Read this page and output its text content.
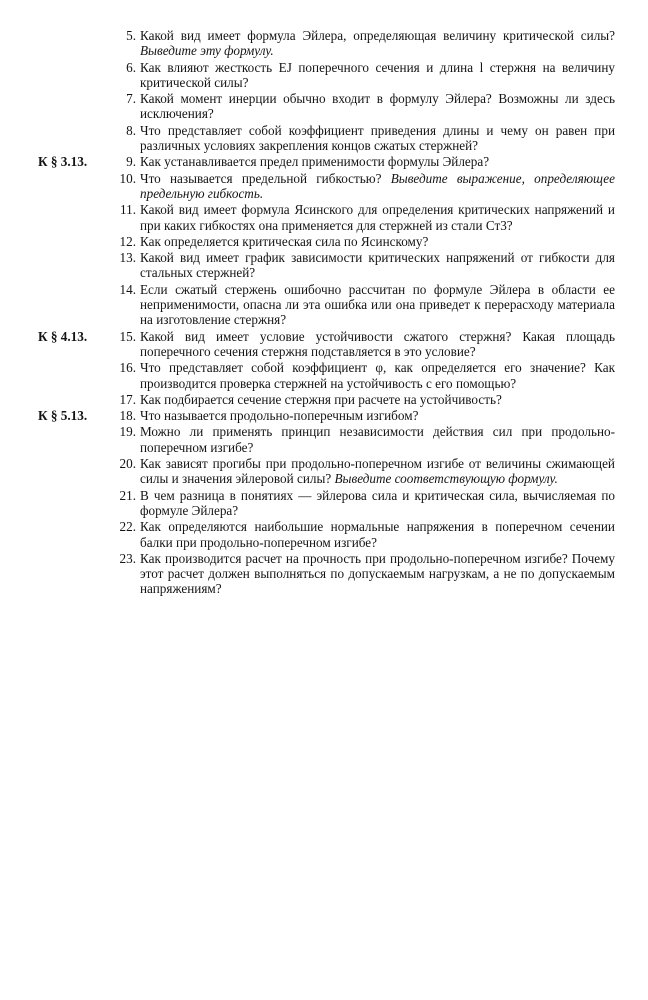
5. Какой вид имеет формула Эйлера, определяющая величину критической силы? Выведите эту формулу.
6. Как влияют жесткость EJ поперечного сечения и длина l стержня на величину критической силы?
7. Какой момент инерции обычно входит в формулу Эйлера? Возможны ли здесь исключения?
8. Что представляет собой коэффициент приведения длины и чему он равен при различных условиях закрепления концов сжатых стержней?
К § 3.13.	9. Как устанавливается предел применимости формулы Эйлера?
10. Что называется предельной гибкостью? Выведите выражение, определяющее предельную гибкость.
11. Какой вид имеет формула Ясинского для определения критических напряжений и при каких гибкостях она применяется для стержней из стали Ст3?
12. Как определяется критическая сила по Ясинскому?
13. Какой вид имеет график зависимости критических напряжений от гибкости для стальных стержней?
14. Если сжатый стержень ошибочно рассчитан по формуле Эйлера в области ее неприменимости, опасна ли эта ошибка или она приведет к перерасходу материала на изготовление стержня?
К § 4.13. 15. Какой вид имеет условие устойчивости сжатого стержня? Какая площадь поперечного сечения стержня подставляется в это условие?
16. Что представляет собой коэффициент φ, как определяется его значение? Как производится проверка стержней на устойчивость с его помощью?
17. Как подбирается сечение стержня при расчете на устойчивость?
К § 5.13. 18. Что называется продольно-поперечным изгибом?
19. Можно ли применять принцип независимости действия сил при продольно-поперечном изгибе?
20. Как зависят прогибы при продольно-поперечном изгибе от величины сжимающей силы и значения эйлеровой силы? Выведите соответствующую формулу.
21. В чем разница в понятиях — эйлерова сила и критическая сила, вычисляемая по формуле Эйлера?
22. Как определяются наибольшие нормальные напряжения в поперечном сечении балки при продольно-поперечном изгибе?
23. Как производится расчет на прочность при продольно-поперечном изгибе? Почему этот расчет должен выполняться по допускаемым нагрузкам, а не по допускаемым напряжениям?
